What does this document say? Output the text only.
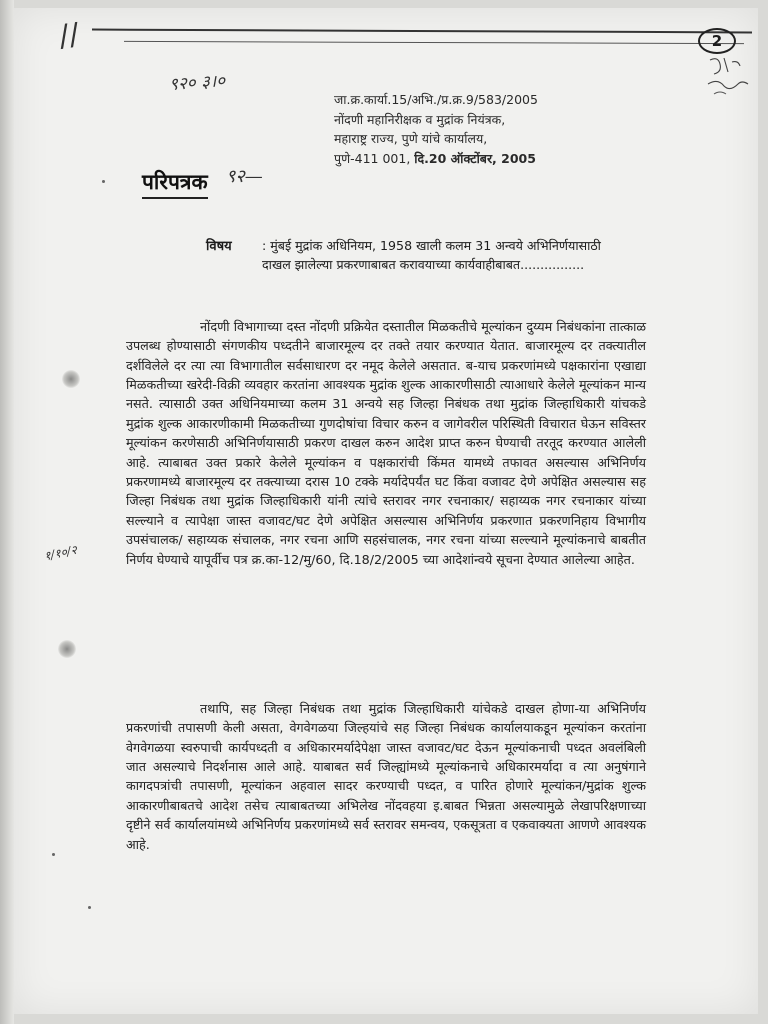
//	2
९२० ३।०
जा.क्र.कार्या.15/अभि./प्र.क्र.9/583/2005
नोंदणी महानिरीक्षक व मुद्रांक नियंत्रक,
महाराष्ट्र राज्य, पुणे यांचे कार्यालय,
पुणे-411 001, दि.20 ऑक्टोंबर, 2005
परिपत्रक ९२—
विषय : मुंबई मुद्रांक अधिनियम, 1958 खाली कलम 31 अन्वये अभिनिर्णयासाठी दाखल झालेल्या प्रकरणाबाबत करावयाच्या कार्यवाहीबाबत................

नोंदणी विभागाच्या दस्त नोंदणी प्रक्रियेत दस्तातील मिळकतीचे मूल्यांकन दुय्यम निबंधकांना तात्काळ उपलब्ध होण्यासाठी संगणकीय पध्दतीने बाजारमूल्य दर तक्ते तयार करण्यात येतात. बाजारमूल्य दर तक्त्यातील दर्शविलेले दर त्या त्या विभागातील सर्वसाधारण दर नमूद केलेले असतात. ब-याच प्रकरणांमध्ये पक्षकारांना एखाद्या मिळकतीच्या खरेदी-विक्री व्यवहार करतांना आवश्यक मुद्रांक शुल्क आकारणीसाठी त्याआधारे केलेले मूल्यांकन मान्य नसते. त्यासाठी उक्त अधिनियमाच्या कलम 31 अन्वये सह जिल्हा निबंधक तथा मुद्रांक जिल्हाधिकारी यांचकडे मुद्रांक शुल्क आकारणीकामी मिळकतीच्या गुणदोषांचा विचार करुन व जागेवरील परिस्थिती विचारात घेऊन सविस्तर मूल्यांकन करणेसाठी अभिनिर्णयासाठी प्रकरण दाखल करुन आदेश प्राप्त करुन घेण्याची तरतूद करण्यात आलेली आहे. त्याबाबत उक्त प्रकारे केलेले मूल्यांकन व पक्षकारांची किंमत यामध्ये तफावत असल्यास अभिनिर्णय प्रकरणामध्ये बाजारमूल्य दर तक्त्याच्या दरास 10 टक्के मर्यादेपर्यंत घट किंवा वजावट देणे अपेक्षित असल्यास सह जिल्हा निबंधक तथा मुद्रांक जिल्हाधिकारी यांनी त्यांचे स्तरावर नगर रचनाकार/ सहाय्यक नगर रचनाकार यांच्या सल्ल्याने व त्यापेक्षा जास्त वजावट/घट देणे अपेक्षित असल्यास अभिनिर्णय प्रकरणात प्रकरणनिहाय विभागीय उपसंचालक/ सहाय्यक संचालक, नगर रचना आणि सहसंचालक, नगर रचना यांच्या सल्ल्याने मूल्यांकनाचे बाबतीत निर्णय घेण्याचे यापूर्वीच पत्र क्र.का-12/मु/60, दि.18/2/2005 च्या आदेशांन्वये सूचना देण्यात आलेल्या आहेत.

तथापि, सह जिल्हा निबंधक तथा मुद्रांक जिल्हाधिकारी यांचेकडे दाखल होणा-या अभिनिर्णय प्रकरणांची तपासणी केली असता, वेगवेगळया जिल्हयांचे सह जिल्हा निबंधक कार्यालयाकडून मूल्यांकन करतांना वेगवेगळया स्वरुपाची कार्यपध्दती व अधिकारमर्यादेपेक्षा जास्त वजावट/घट देऊन मूल्यांकनाची पध्दत अवलंबिली जात असल्याचे निदर्शनास आले आहे. याबाबत सर्व जिल्ह्यांमध्ये मूल्यांकनाचे अधिकारमर्यादा व त्या अनुषंगाने कागदपत्रांची तपासणी, मूल्यांकन अहवाल सादर करण्याची पध्दत, व पारित होणारे मूल्यांकन/मुद्रांक शुल्क आकारणीबाबतचे आदेश तसेच त्याबाबतच्या अभिलेख नोंदवहया इ.बाबत भिन्नता असल्यामुळे लेखापरिक्षणाच्या दृष्टीने सर्व कार्यालयांमध्ये अभिनिर्णय प्रकरणांमध्ये सर्व स्तरावर समन्वय, एकसूत्रता व एकवाक्यता आणणे आवश्यक आहे.

१/१०/२
